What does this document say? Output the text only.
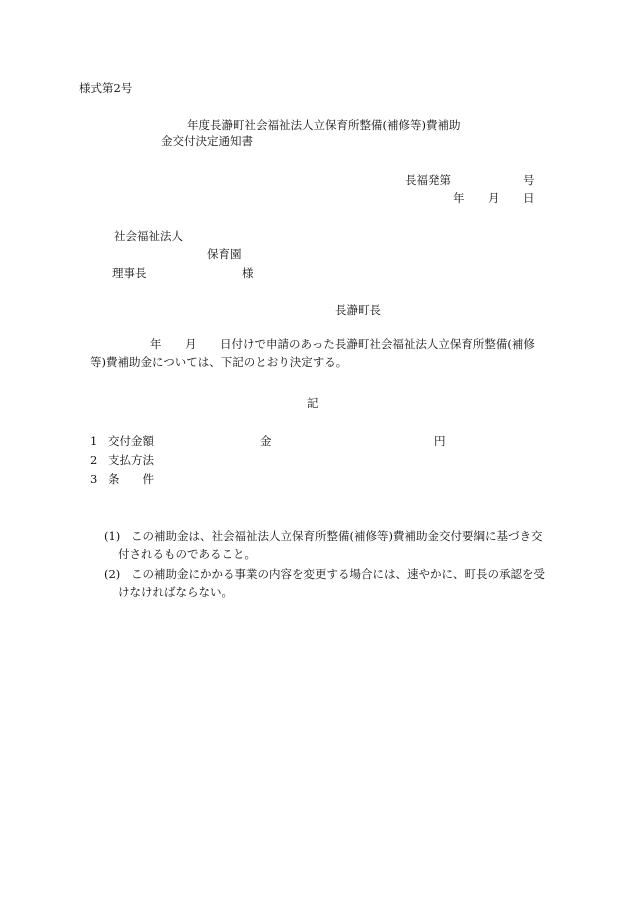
様式第2号
年度長瀞町社会福祉法人立保育所整備(補修等)費補助
金交付決定通知書
長福発第	号
年 月 日
社会福祉法人
保育園
理事長	様
長瀞町長
年 月 日付けで申請のあった長瀞町社会福祉法人立保育所整備(補修
等)費補助金については、下記のとおり決定する。
記
1 交付金額	金	円
2 支払方法
3 条　　件
(1) この補助金は、社会福祉法人立保育所整備(補修等)費補助金交付要綱に基づき交
付されるものであること。
(2) この補助金にかかる事業の内容を変更する場合には、速やかに、町長の承認を受
けなければならない。
